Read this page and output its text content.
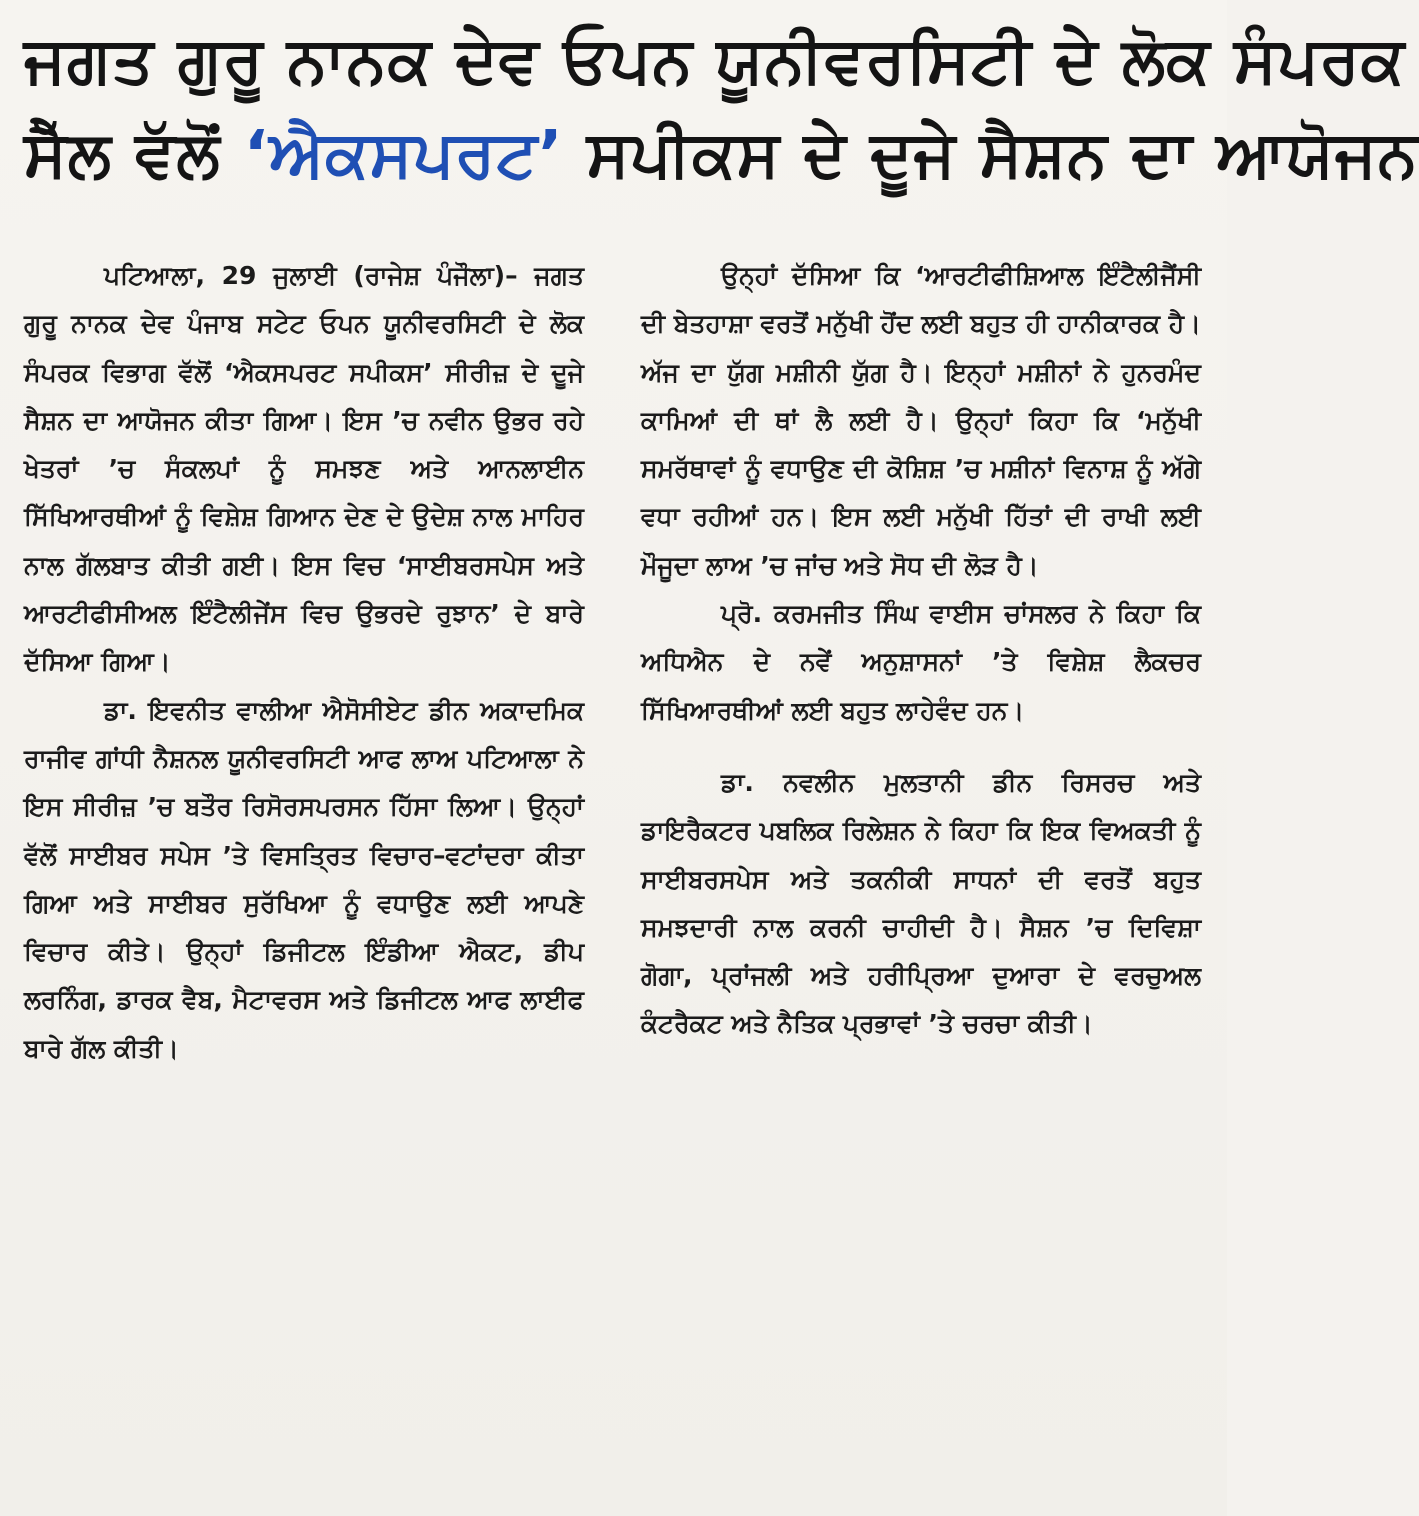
ਜਗਤ ਗੁਰੂ ਨਾਨਕ ਦੇਵ ਓਪਨ ਯੂਨੀਵਰਸਿਟੀ ਦੇ ਲੋਕ ਸੰਪਰਕ
ਸੈੱਲ ਵੱਲੋਂ ‘ਐਕਸਪਰਟ’ ਸਪੀਕਸ ਦੇ ਦੂਜੇ ਸੈਸ਼ਨ ਦਾ ਆਯੋਜਨ

ਪਟਿਆਲਾ, 29 ਜੁਲਾਈ (ਰਾਜੇਸ਼ ਪੰਜੌਲਾ)– ਜਗਤ ਗੁਰੂ ਨਾਨਕ ਦੇਵ ਪੰਜਾਬ ਸਟੇਟ ਓਪਨ ਯੂਨੀਵਰਸਿਟੀ ਦੇ ਲੋਕ ਸੰਪਰਕ ਵਿਭਾਗ ਵੱਲੋਂ ‘ਐਕਸਪਰਟ ਸਪੀਕਸ’ ਸੀਰੀਜ਼ ਦੇ ਦੂਜੇ ਸੈਸ਼ਨ ਦਾ ਆਯੋਜਨ ਕੀਤਾ ਗਿਆ। ਇਸ ’ਚ ਨਵੀਨ ਉਭਰ ਰਹੇ ਖੇਤਰਾਂ ’ਚ ਸੰਕਲਪਾਂ ਨੂੰ ਸਮਝਣ ਅਤੇ ਆਨਲਾਈਨ ਸਿੱਖਿਆਰਥੀਆਂ ਨੂੰ ਵਿਸ਼ੇਸ਼ ਗਿਆਨ ਦੇਣ ਦੇ ਉਦੇਸ਼ ਨਾਲ ਮਾਹਿਰ ਨਾਲ ਗੱਲਬਾਤ ਕੀਤੀ ਗਈ। ਇਸ ਵਿਚ ‘ਸਾਈਬਰਸਪੇਸ ਅਤੇ ਆਰਟੀਫੀਸੀਅਲ ਇੰਟੈਲੀਜੇਂਸ ਵਿਚ ਉਭਰਦੇ ਰੁਝਾਨ’ ਦੇ ਬਾਰੇ ਦੱਸਿਆ ਗਿਆ।

ਡਾ. ਇਵਨੀਤ ਵਾਲੀਆ ਐਸੋਸੀਏਟ ਡੀਨ ਅਕਾਦਮਿਕ ਰਾਜੀਵ ਗਾਂਧੀ ਨੈਸ਼ਨਲ ਯੂਨੀਵਰਸਿਟੀ ਆਫ ਲਾਅ ਪਟਿਆਲਾ ਨੇ ਇਸ ਸੀਰੀਜ਼ ’ਚ ਬਤੌਰ ਰਿਸੋਰਸਪਰਸਨ ਹਿੱਸਾ ਲਿਆ। ਉਨ੍ਹਾਂ ਵੱਲੋਂ ਸਾਈਬਰ ਸਪੇਸ ’ਤੇ ਵਿਸਤ੍ਰਿਤ ਵਿਚਾਰ–ਵਟਾਂਦਰਾ ਕੀਤਾ ਗਿਆ ਅਤੇ ਸਾਈਬਰ ਸੁਰੱਖਿਆ ਨੂੰ ਵਧਾਉਣ ਲਈ ਆਪਣੇ ਵਿਚਾਰ ਕੀਤੇ। ਉਨ੍ਹਾਂ ਡਿਜੀਟਲ ਇੰਡੀਆ ਐਕਟ, ਡੀਪ ਲਰਨਿੰਗ, ਡਾਰਕ ਵੈਬ, ਮੈਟਾਵਰਸ ਅਤੇ ਡਿਜੀਟਲ ਆਫ ਲਾਈਫ ਬਾਰੇ ਗੱਲ ਕੀਤੀ।

ਉਨ੍ਹਾਂ ਦੱਸਿਆ ਕਿ ‘ਆਰਟੀਫੀਸ਼ਿਆਲ ਇੰਟੈਲੀਜੈਂਸੀ ਦੀ ਬੇਤਹਾਸ਼ਾ ਵਰਤੋਂ ਮਨੁੱਖੀ ਹੋਂਦ ਲਈ ਬਹੁਤ ਹੀ ਹਾਨੀਕਾਰਕ ਹੈ। ਅੱਜ ਦਾ ਯੁੱਗ ਮਸ਼ੀਨੀ ਯੁੱਗ ਹੈ। ਇਨ੍ਹਾਂ ਮਸ਼ੀਨਾਂ ਨੇ ਹੁਨਰਮੰਦ ਕਾਮਿਆਂ ਦੀ ਥਾਂ ਲੈ ਲਈ ਹੈ। ਉਨ੍ਹਾਂ ਕਿਹਾ ਕਿ ‘ਮਨੁੱਖੀ ਸਮਰੱਥਾਵਾਂ ਨੂੰ ਵਧਾਉਣ ਦੀ ਕੋਸ਼ਿਸ਼ ’ਚ ਮਸ਼ੀਨਾਂ ਵਿਨਾਸ਼ ਨੂੰ ਅੱਗੇ ਵਧਾ ਰਹੀਆਂ ਹਨ। ਇਸ ਲਈ ਮਨੁੱਖੀ ਹਿੱਤਾਂ ਦੀ ਰਾਖੀ ਲਈ ਮੌਜੂਦਾ ਲਾਅ ’ਚ ਜਾਂਚ ਅਤੇ ਸੋਧ ਦੀ ਲੋੜ ਹੈ।

ਪ੍ਰੋ. ਕਰਮਜੀਤ ਸਿੰਘ ਵਾਈਸ ਚਾਂਸਲਰ ਨੇ ਕਿਹਾ ਕਿ ਅਧਿਐਨ ਦੇ ਨਵੇਂ ਅਨੁਸ਼ਾਸਨਾਂ ’ਤੇ ਵਿਸ਼ੇਸ਼ ਲੈਕਚਰ ਸਿੱਖਿਆਰਥੀਆਂ ਲਈ ਬਹੁਤ ਲਾਹੇਵੰਦ ਹਨ।

ਡਾ. ਨਵਲੀਨ ਮੁਲਤਾਨੀ ਡੀਨ ਰਿਸਰਚ ਅਤੇ ਡਾਇਰੈਕਟਰ ਪਬਲਿਕ ਰਿਲੇਸ਼ਨ ਨੇ ਕਿਹਾ ਕਿ ਇਕ ਵਿਅਕਤੀ ਨੂੰ ਸਾਈਬਰਸਪੇਸ ਅਤੇ ਤਕਨੀਕੀ ਸਾਧਨਾਂ ਦੀ ਵਰਤੋਂ ਬਹੁਤ ਸਮਝਦਾਰੀ ਨਾਲ ਕਰਨੀ ਚਾਹੀਦੀ ਹੈ। ਸੈਸ਼ਨ ’ਚ ਦਿਵਿਸ਼ਾ ਗੋਗਾ, ਪ੍ਰਾਂਜਲੀ ਅਤੇ ਹਰੀਪ੍ਰਿਆ ਦੁਆਰਾ ਦੇ ਵਰਚੁਅਲ ਕੰਟਰੈਕਟ ਅਤੇ ਨੈਤਿਕ ਪ੍ਰਭਾਵਾਂ ’ਤੇ ਚਰਚਾ ਕੀਤੀ।
